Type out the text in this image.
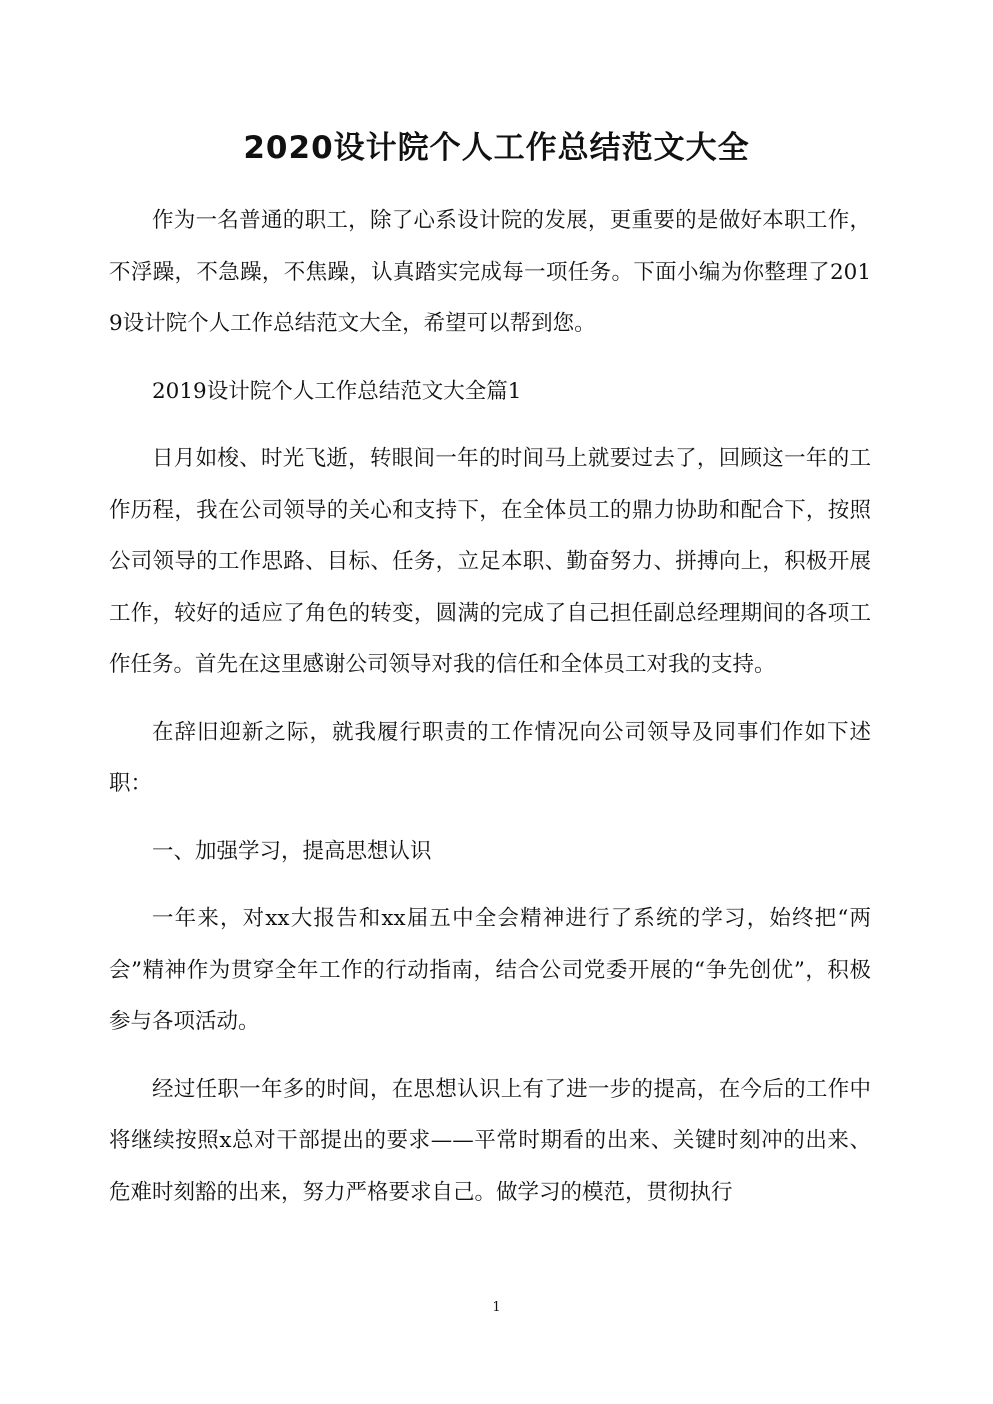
2020设计院个人工作总结范文大全

作为一名普通的职工，除了心系设计院的发展，更重要的是做好本职工作，不浮躁，不急躁，不焦躁，认真踏实完成每一项任务。下面小编为你整理了2019设计院个人工作总结范文大全，希望可以帮到您。

2019设计院个人工作总结范文大全篇1

日月如梭、时光飞逝，转眼间一年的时间马上就要过去了，回顾这一年的工作历程，我在公司领导的关心和支持下，在全体员工的鼎力协助和配合下，按照公司领导的工作思路、目标、任务，立足本职、勤奋努力、拼搏向上，积极开展工作，较好的适应了角色的转变，圆满的完成了自己担任副总经理期间的各项工作任务。首先在这里感谢公司领导对我的信任和全体员工对我的支持。

在辞旧迎新之际，就我履行职责的工作情况向公司领导及同事们作如下述职：

一、加强学习，提高思想认识

一年来，对xx大报告和xx届五中全会精神进行了系统的学习，始终把“两会”精神作为贯穿全年工作的行动指南，结合公司党委开展的“争先创优”，积极参与各项活动。

经过任职一年多的时间，在思想认识上有了进一步的提高，在今后的工作中将继续按照x总对干部提出的要求——平常时期看的出来、关键时刻冲的出来、危难时刻豁的出来，努力严格要求自己。做学习的模范，贯彻执行

1
